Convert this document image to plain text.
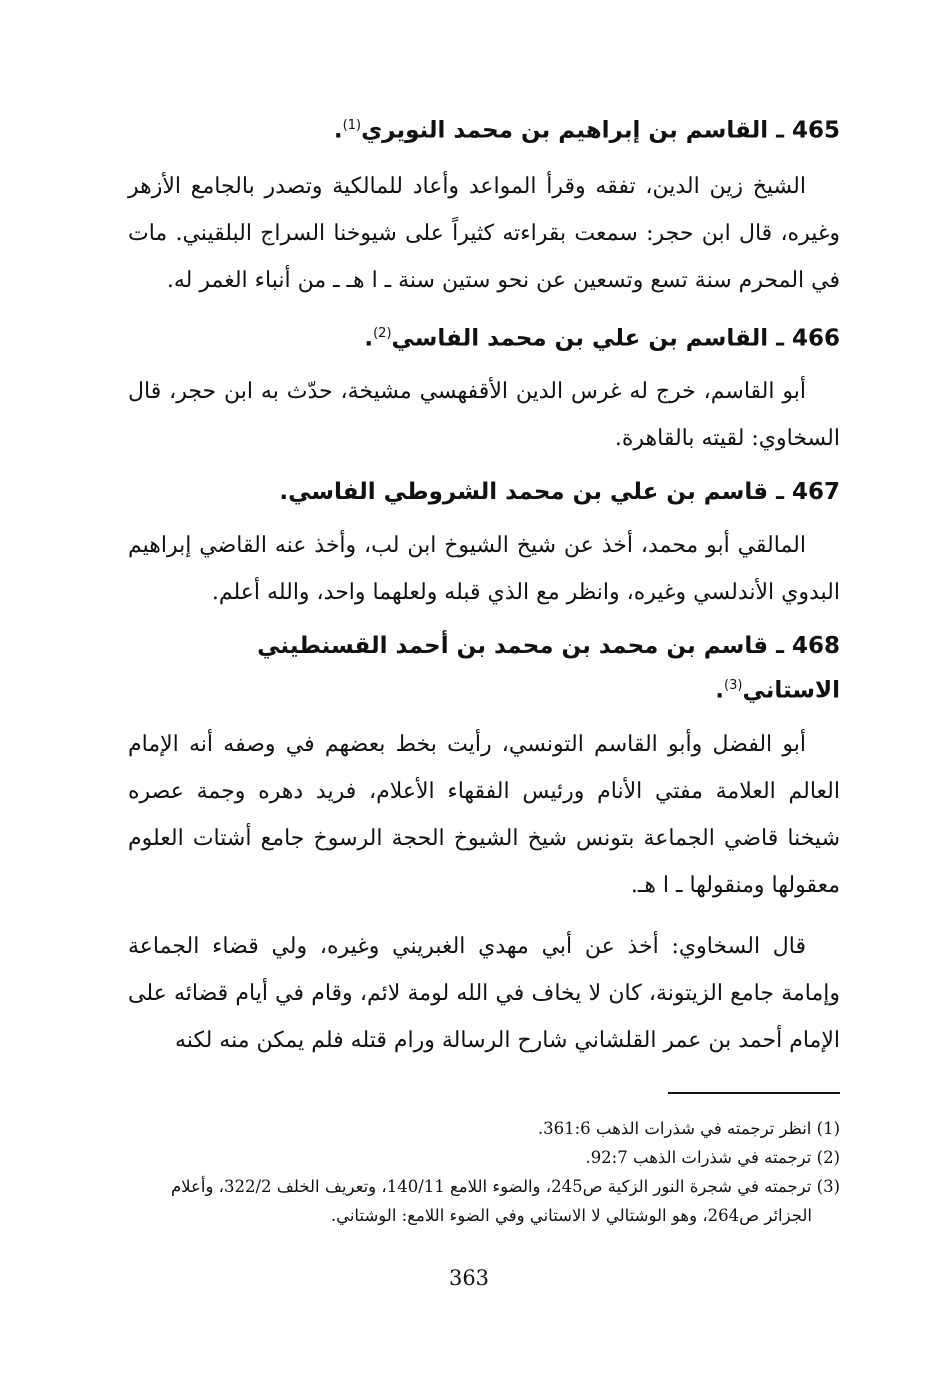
465 ـ القاسم بن إبراهيم بن محمد النويري$^{(1)}$.

الشيخ زين الدين، تفقه وقرأ المواعد وأعاد للمالكية وتصدر بالجامع الأزهر وغيره، قال ابن حجر: سمعت بقراءته كثيراً على شيوخنا السراج البلقيني. مات في المحرم سنة تسع وتسعين عن نحو ستين سنة ـ ا هـ ـ من أنباء الغمر له.

466 ـ القاسم بن علي بن محمد الفاسي$^{(2)}$.

أبو القاسم، خرج له غرس الدين الأقفهسي مشيخة، حدّث به ابن حجر، قال السخاوي: لقيته بالقاهرة.

467 ـ قاسم بن علي بن محمد الشروطي الفاسي.

المالقي أبو محمد، أخذ عن شيخ الشيوخ ابن لب، وأخذ عنه القاضي إبراهيم البدوي الأندلسي وغيره، وانظر مع الذي قبله ولعلهما واحد، والله أعلم.

468 ـ قاسم بن محمد بن محمد بن أحمد القسنطيني الاستاني$^{(3)}$.

أبو الفضل وأبو القاسم التونسي، رأيت بخط بعضهم في وصفه أنه الإمام العالم العلامة مفتي الأنام ورئيس الفقهاء الأعلام، فريد دهره وجمة عصره شيخنا قاضي الجماعة بتونس شيخ الشيوخ الحجة الرسوخ جامع أشتات العلوم معقولها ومنقولها ـ ا هـ.

قال السخاوي: أخذ عن أبي مهدي الغبريني وغيره، ولي قضاء الجماعة وإمامة جامع الزيتونة، كان لا يخاف في الله لومة لائم، وقام في أيام قضائه على الإمام أحمد بن عمر القلشاني شارح الرسالة ورام قتله فلم يمكن منه لكنه

(1) انظر ترجمته في شذرات الذهب 361:6.

(2) ترجمته في شذرات الذهب 92:7.

(3) ترجمته في شجرة النور الزكية ص245، والضوء اللامع 140/11، وتعريف الخلف 322/2، وأعلام الجزائر ص264، وهو الوشتالي لا الاستاني وفي الضوء اللامع: الوشتاني.

363
